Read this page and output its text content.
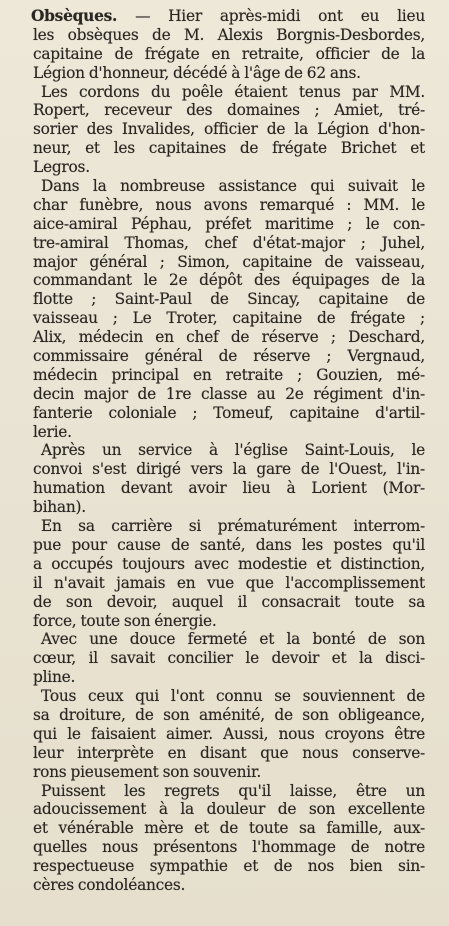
Obsèques. — Hier après-midi ont eu lieu
les obsèques de M. Alexis Borgnis-Desbordes,
capitaine de frégate en retraite, officier de la
Légion d'honneur, décédé à l'âge de 62 ans.
Les cordons du poêle étaient tenus par MM.
Ropert, receveur des domaines ; Amiet, tré-
sorier des Invalides, officier de la Légion d'hon-
neur, et les capitaines de frégate Brichet et
Legros.
Dans la nombreuse assistance qui suivait le
char funèbre, nous avons remarqué : MM. le
aice-amiral Péphau, préfet maritime ; le con-
tre-amiral Thomas, chef d'état-major ; Juhel,
major général ; Simon, capitaine de vaisseau,
commandant le 2e dépôt des équipages de la
flotte ; Saint-Paul de Sincay, capitaine de
vaisseau ; Le Troter, capitaine de frégate ;
Alix, médecin en chef de réserve ; Deschard,
commissaire général de réserve ; Vergnaud,
médecin principal en retraite ; Gouzien, mé-
decin major de 1re classe au 2e régiment d'in-
fanterie coloniale ; Tomeuf, capitaine d'artil-
lerie.
Après un service à l'église Saint-Louis, le
convoi s'est dirigé vers la gare de l'Ouest, l'in-
humation devant avoir lieu à Lorient (Mor-
bihan).
En sa carrière si prématurément interrom-
pue pour cause de santé, dans les postes qu'il
a occupés toujours avec modestie et distinction,
il n'avait jamais en vue que l'accomplissement
de son devoir, auquel il consacrait toute sa
force, toute son énergie.
Avec une douce fermeté et la bonté de son
cœur, il savait concilier le devoir et la disci-
pline.
Tous ceux qui l'ont connu se souviennent de
sa droiture, de son aménité, de son obligeance,
qui le faisaient aimer. Aussi, nous croyons être
leur interprète en disant que nous conserve-
rons pieusement son souvenir.
Puissent les regrets qu'il laisse, être un
adoucissement à la douleur de son excellente
et vénérable mère et de toute sa famille, aux-
quelles nous présentons l'hommage de notre
respectueuse sympathie et de nos bien sin-
cères condoléances.
